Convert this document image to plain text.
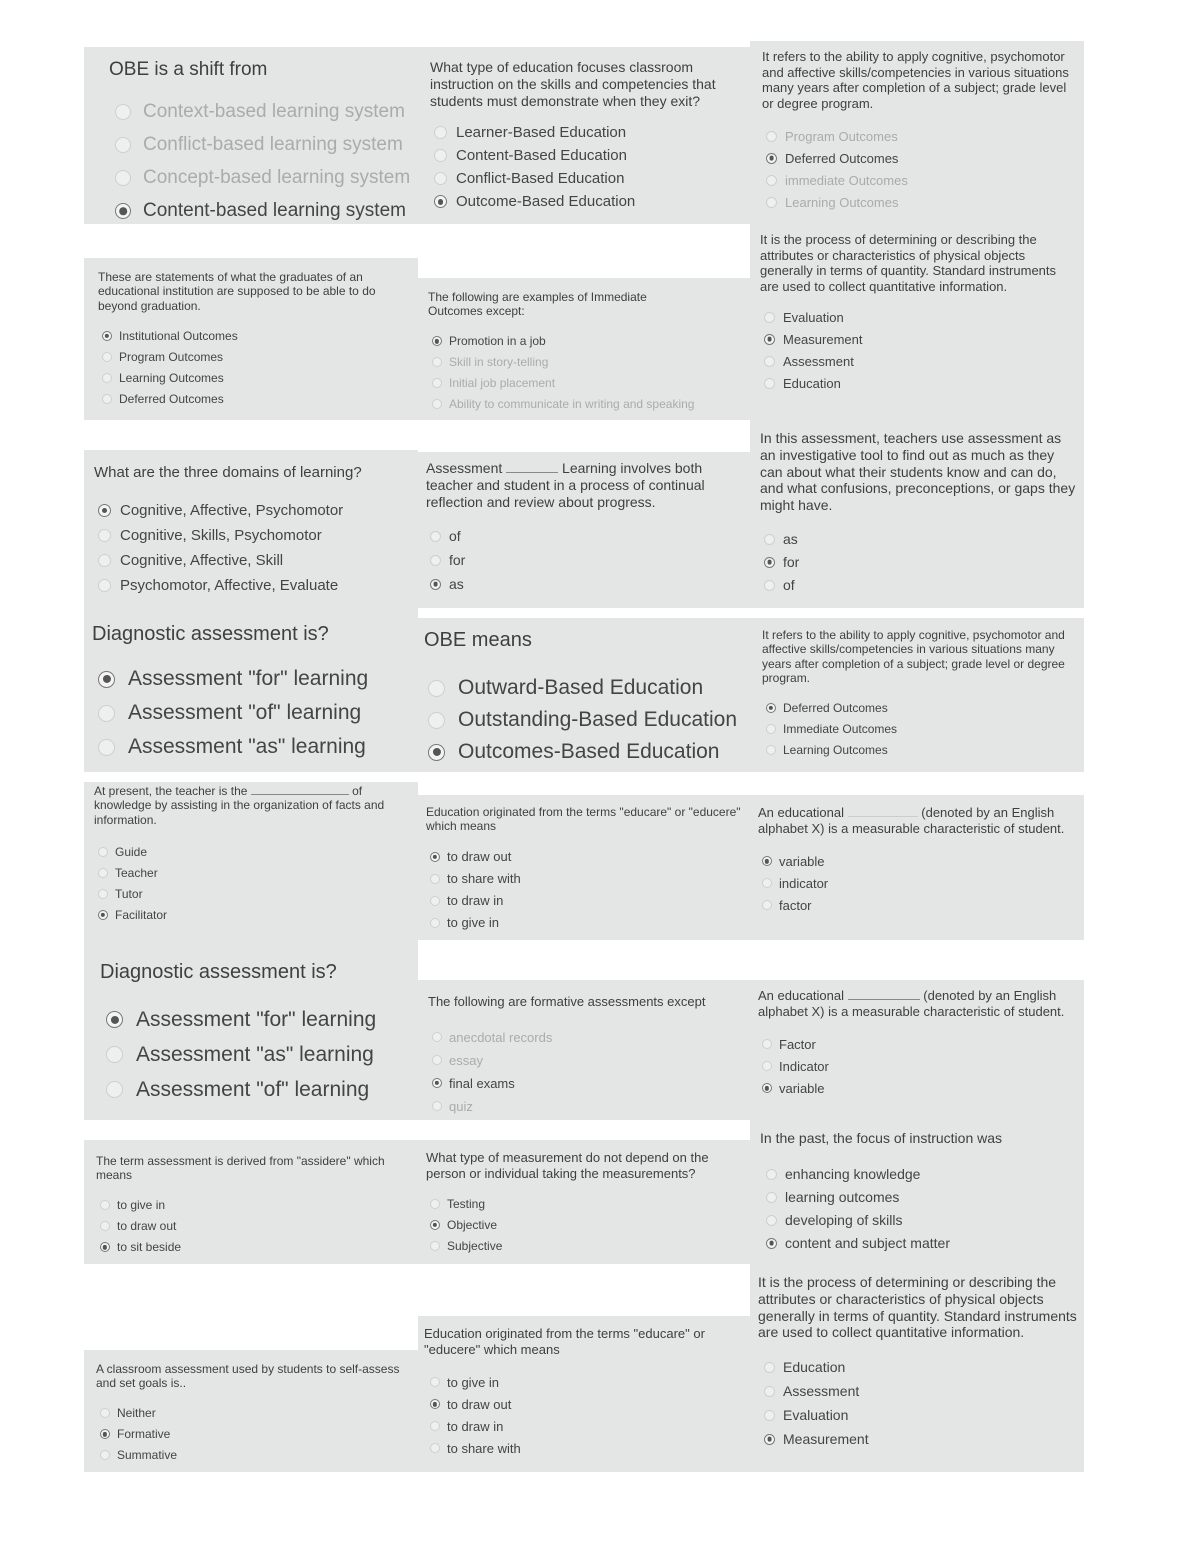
OBE is a shift from

Context-based learning system
Conflict-based learning system
Concept-based learning system
Content-based learning system

What type of education focuses classroom instruction on the skills and competencies that students must demonstrate when they exit?

Learner-Based Education
Content-Based Education
Conflict-Based Education
Outcome-Based Education

It refers to the ability to apply cognitive, psychomotor and affective skills/competencies in various situations many years after completion of a subject; grade level or degree program.

Program Outcomes
Deferred Outcomes
immediate Outcomes
Learning Outcomes

These are statements of what the graduates of an educational institution are supposed to be able to do beyond graduation.

Institutional Outcomes
Program Outcomes
Learning Outcomes
Deferred Outcomes

The following are examples of Immediate Outcomes except:

Promotion in a job
Skill in story-telling
Initial job placement
Ability to communicate in writing and speaking

It is the process of determining or describing the attributes or characteristics of physical objects generally in terms of quantity. Standard instruments are used to collect quantitative information.

Evaluation
Measurement
Assessment
Education

What are the three domains of learning?

Cognitive, Affective, Psychomotor
Cognitive, Skills, Psychomotor
Cognitive, Affective, Skill
Psychomotor, Affective, Evaluate

Assessment	Learning involves both teacher and student in a process of continual reflection and review about progress.

of
for
as

In this assessment, teachers use assessment as an investigative tool to find out as much as they can about what their students know and can do, and what confusions, preconceptions, or gaps they might have.

as
for
of

Diagnostic assessment is?

Assessment "for" learning
Assessment "of" learning
Assessment "as" learning

OBE means

Outward-Based Education
Outstanding-Based Education
Outcomes-Based Education

It refers to the ability to apply cognitive, psychomotor and affective skills/competencies in various situations many years after completion of a subject; grade level or degree program.

Deferred Outcomes
Immediate Outcomes
Learning Outcomes

At present, the teacher is the	of knowledge by assisting in the organization of facts and information.

Guide
Teacher
Tutor
Facilitator

Education originated from the terms "educare" or "educere" which means

to draw out
to share with
to draw in
to give in

An educational	(denoted by an English alphabet X) is a measurable characteristic of student.

variable
indicator
factor

Diagnostic assessment is?

Assessment "for" learning
Assessment "as" learning
Assessment "of" learning

The following are formative assessments except

anecdotal records
essay
final exams
quiz

An educational	(denoted by an English alphabet X) is a measurable characteristic of student.

Factor
Indicator
variable

The term assessment is derived from "assidere" which means

to give in
to draw out
to sit beside

What type of measurement do not depend on the person or individual taking the measurements?

Testing
Objective
Subjective

In the past, the focus of instruction was

enhancing knowledge
learning outcomes
developing of skills
content and subject matter

A classroom assessment used by students to self-assess and set goals is..

Neither
Formative
Summative

Education originated from the terms "educare" or "educere" which means

to give in
to draw out
to draw in
to share with

It is the process of determining or describing the attributes or characteristics of physical objects generally in terms of quantity. Standard instruments are used to collect quantitative information.

Education
Assessment
Evaluation
Measurement
